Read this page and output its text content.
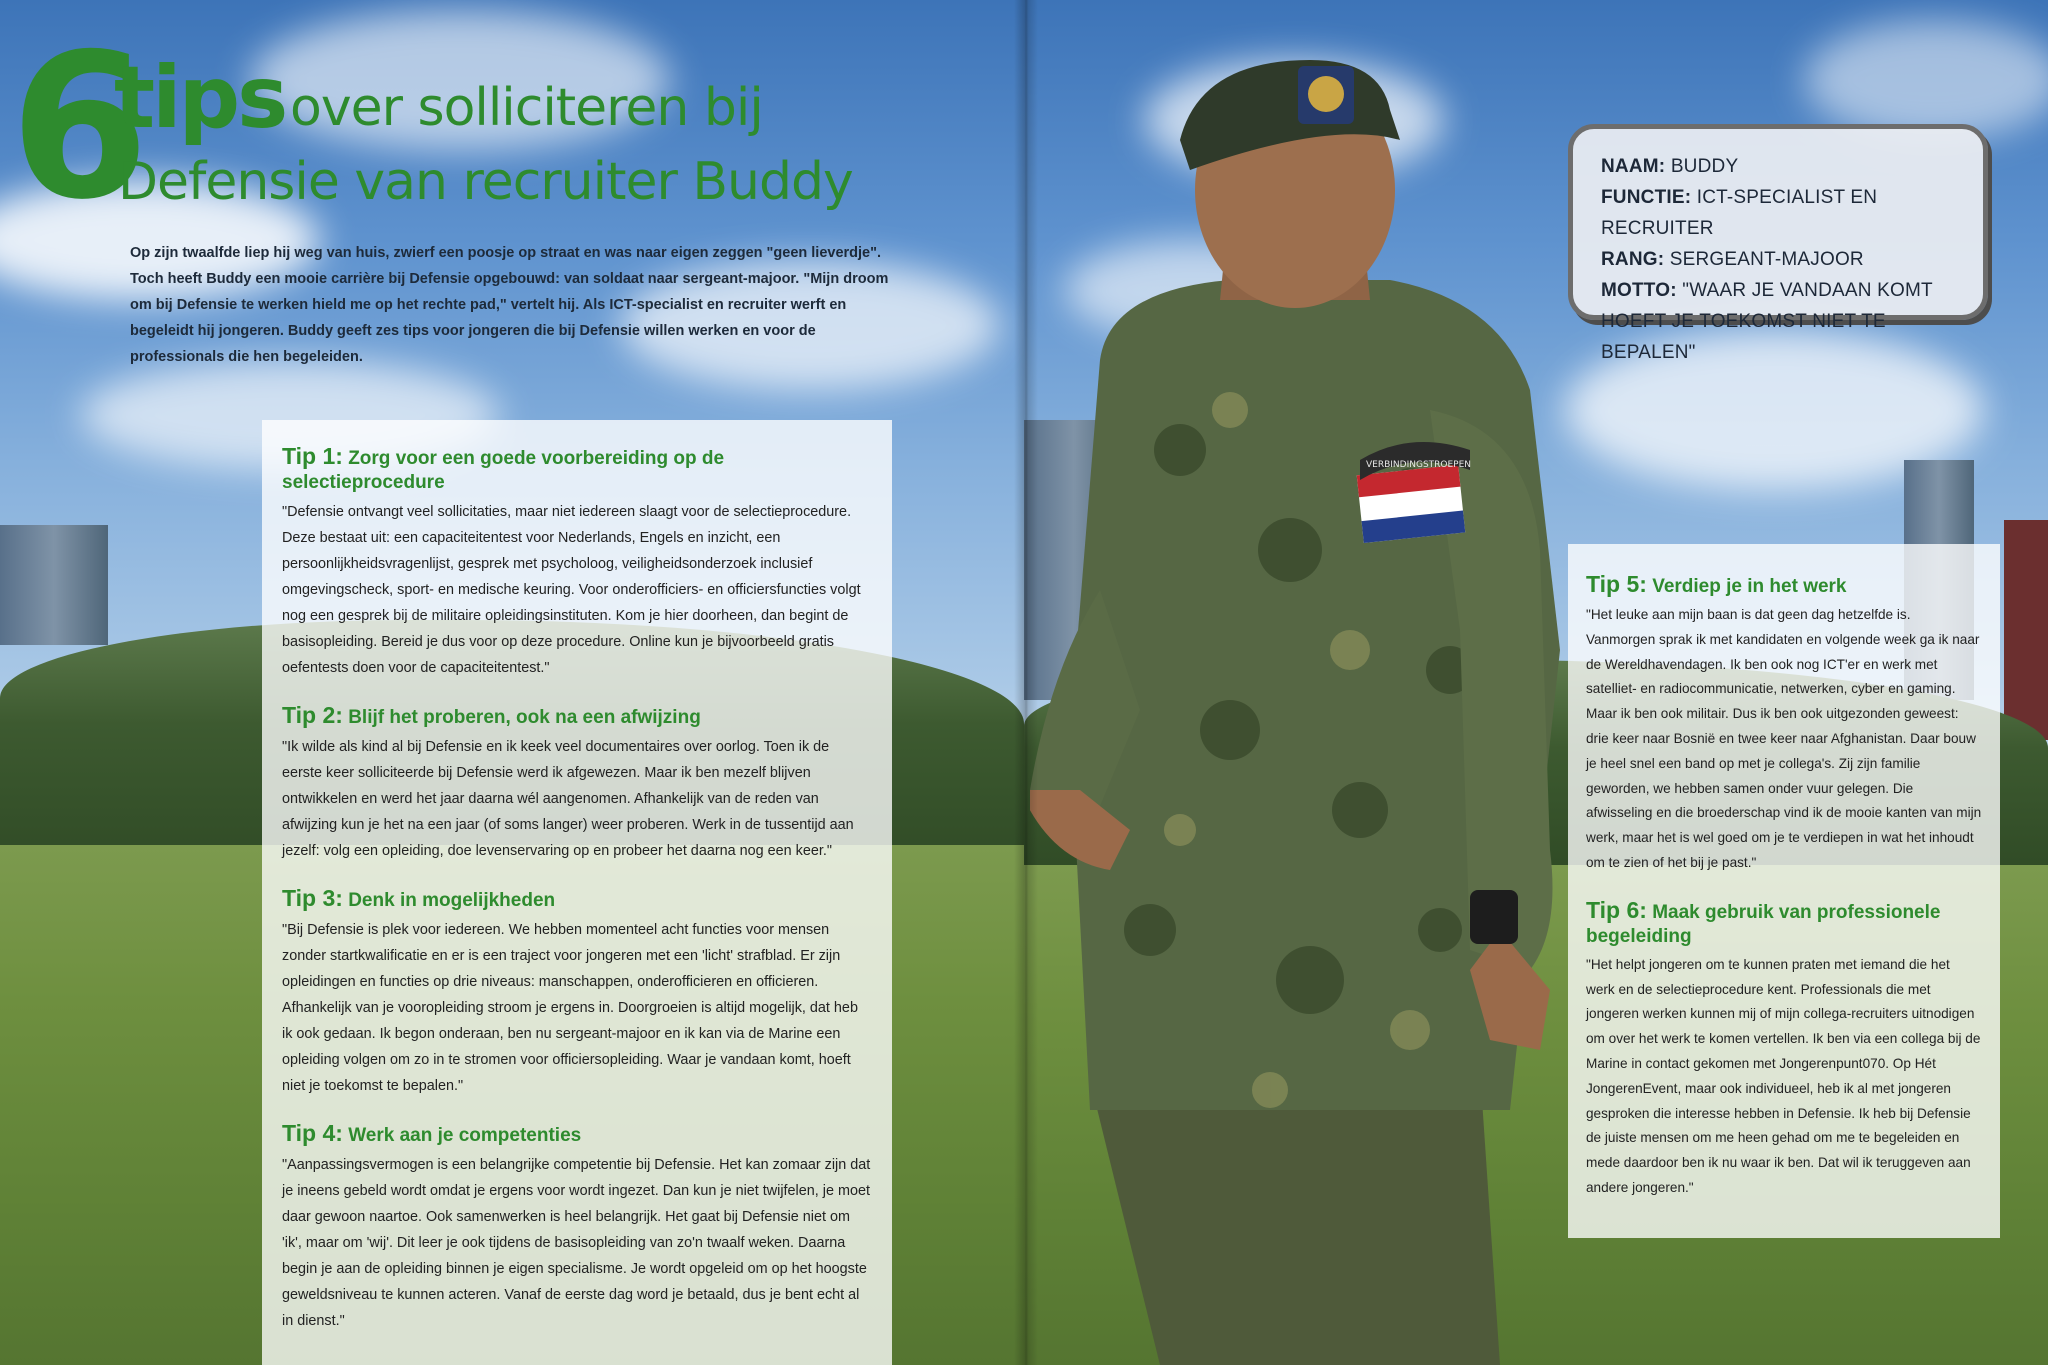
6
tips over solliciteren bij
Defensie van recruiter Buddy

Op zijn twaalfde liep hij weg van huis, zwierf een poosje op straat en was naar eigen zeggen "geen lieverdje". Toch heeft Buddy een mooie carrière bij Defensie opgebouwd: van soldaat naar sergeant-majoor. "Mijn droom om bij Defensie te werken hield me op het rechte pad," vertelt hij. Als ICT-specialist en recruiter werft en begeleidt hij jongeren. Buddy geeft zes tips voor jongeren die bij Defensie willen werken en voor de professionals die hen begeleiden.

Tip 1: Zorg voor een goede voorbereiding op de selectieprocedure

"Defensie ontvangt veel sollicitaties, maar niet iedereen slaagt voor de selectieprocedure. Deze bestaat uit: een capaciteitentest voor Nederlands, Engels en inzicht, een persoonlijkheidsvragenlijst, gesprek met psycholoog, veiligheidsonderzoek inclusief omgevingscheck, sport- en medische keuring. Voor onderofficiers- en officiersfuncties volgt nog een gesprek bij de militaire opleidingsinstituten. Kom je hier doorheen, dan begint de basisopleiding. Bereid je dus voor op deze procedure. Online kun je bijvoorbeeld gratis oefentests doen voor de capaciteitentest."

Tip 2: Blijf het proberen, ook na een afwijzing

"Ik wilde als kind al bij Defensie en ik keek veel documentaires over oorlog. Toen ik de eerste keer solliciteerde bij Defensie werd ik afgewezen. Maar ik ben mezelf blijven ontwikkelen en werd het jaar daarna wél aangenomen. Afhankelijk van de reden van afwijzing kun je het na een jaar (of soms langer) weer proberen. Werk in de tussentijd aan jezelf: volg een opleiding, doe levenservaring op en probeer het daarna nog een keer."

Tip 3: Denk in mogelijkheden

"Bij Defensie is plek voor iedereen. We hebben momenteel acht functies voor mensen zonder startkwalificatie en er is een traject voor jongeren met een 'licht' strafblad. Er zijn opleidingen en functies op drie niveaus: manschappen, onderofficieren en officieren. Afhankelijk van je vooropleiding stroom je ergens in. Doorgroeien is altijd mogelijk, dat heb ik ook gedaan. Ik begon onderaan, ben nu sergeant-majoor en ik kan via de Marine een opleiding volgen om zo in te stromen voor officiersopleiding. Waar je vandaan komt, hoeft niet je toekomst te bepalen."

Tip 4: Werk aan je competenties

"Aanpassingsvermogen is een belangrijke competentie bij Defensie. Het kan zomaar zijn dat je ineens gebeld wordt omdat je ergens voor wordt ingezet. Dan kun je niet twijfelen, je moet daar gewoon naartoe. Ook samenwerken is heel belangrijk. Het gaat bij Defensie niet om 'ik', maar om 'wij'. Dit leer je ook tijdens de basisopleiding van zo'n twaalf weken. Daarna begin je aan de opleiding binnen je eigen specialisme. Je wordt opgeleid om op het hoogste geweldsniveau te kunnen acteren. Vanaf de eerste dag word je betaald, dus je bent echt al in dienst."

VERBINDINGSTROEPEN
NAAM: BUDDY
FUNCTIE: ICT-SPECIALIST EN RECRUITER
RANG: SERGEANT-MAJOOR
MOTTO: "WAAR JE VANDAAN KOMT
HOEFT JE TOEKOMST NIET TE BEPALEN"
Tip 5: Verdiep je in het werk

"Het leuke aan mijn baan is dat geen dag hetzelfde is. Vanmorgen sprak ik met kandidaten en volgende week ga ik naar de Wereldhavendagen. Ik ben ook nog ICT'er en werk met satelliet- en radiocommunicatie, netwerken, cyber en gaming. Maar ik ben ook militair. Dus ik ben ook uitgezonden geweest: drie keer naar Bosnië en twee keer naar Afghanistan. Daar bouw je heel snel een band op met je collega's. Zij zijn familie geworden, we hebben samen onder vuur gelegen. Die afwisseling en die broederschap vind ik de mooie kanten van mijn werk, maar het is wel goed om je te verdiepen in wat het inhoudt om te zien of het bij je past."

Tip 6: Maak gebruik van professionele begeleiding

"Het helpt jongeren om te kunnen praten met iemand die het werk en de selectieprocedure kent. Professionals die met jongeren werken kunnen mij of mijn collega-recruiters uitnodigen om over het werk te komen vertellen. Ik ben via een collega bij de Marine in contact gekomen met Jongerenpunt070. Op Hét JongerenEvent, maar ook individueel, heb ik al met jongeren gesproken die interesse hebben in Defensie. Ik heb bij Defensie de juiste mensen om me heen gehad om me te begeleiden en mede daardoor ben ik nu waar ik ben. Dat wil ik teruggeven aan andere jongeren."
